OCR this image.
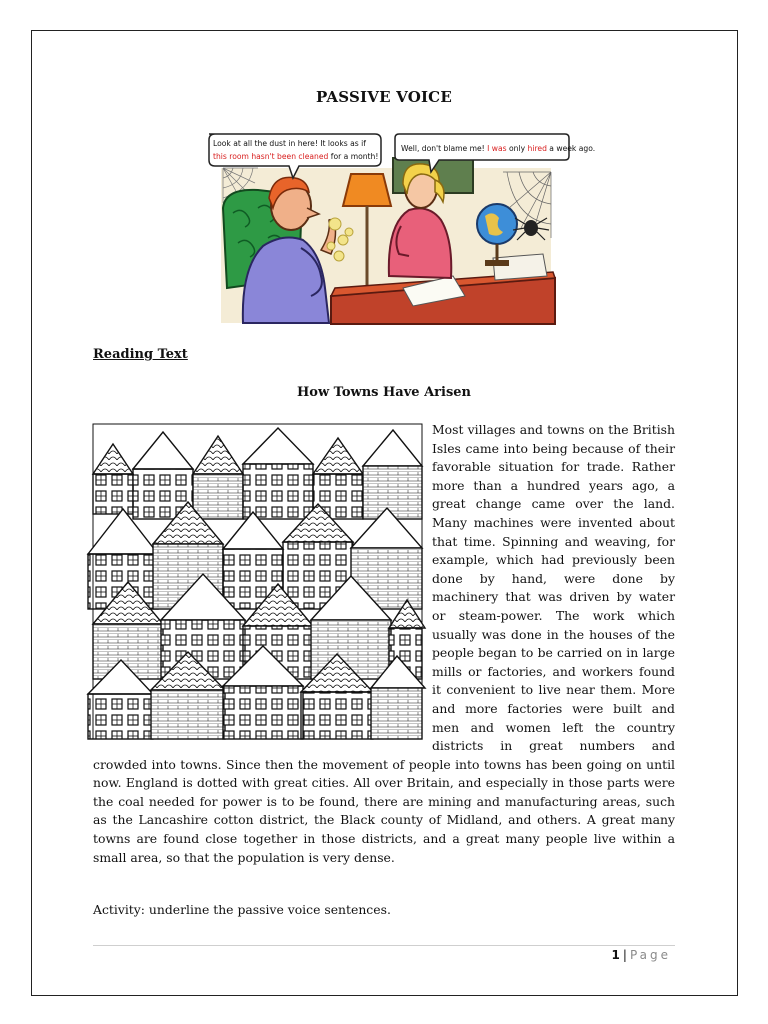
PASSIVE VOICE
Look at all the dust in here! It looks as if
this room hasn't been cleaned for a month!
Well, don't blame me! I was only hired a week ago.
Reading Text
How Towns Have Arisen
Most villages and towns on the British Isles came into being because of their favorable situation for trade. Rather more than a hundred years ago, a great change came over the land. Many machines were invented about that time. Spinning and weaving, for example, which had previously been done by hand, were done by machinery that was driven by water or steam-power. The work which usually was done in the houses of the people began to be carried on in large mills or factories, and workers found it convenient to live near them. More and more factories were built and men and women left the country districts in great numbers and crowded into towns. Since then the movement of people into towns has been going on until now. England is dotted with great cities. All over Britain, and especially in those parts were the coal needed for power is to be found, there are mining and manufacturing areas, such as the Lancashire cotton district, the Black county of Midland, and others. A great many towns are found close together in those districts, and a great many people live within a small area, so that the population is very dense.
Activity: underline the passive voice sentences.
1 | Page
